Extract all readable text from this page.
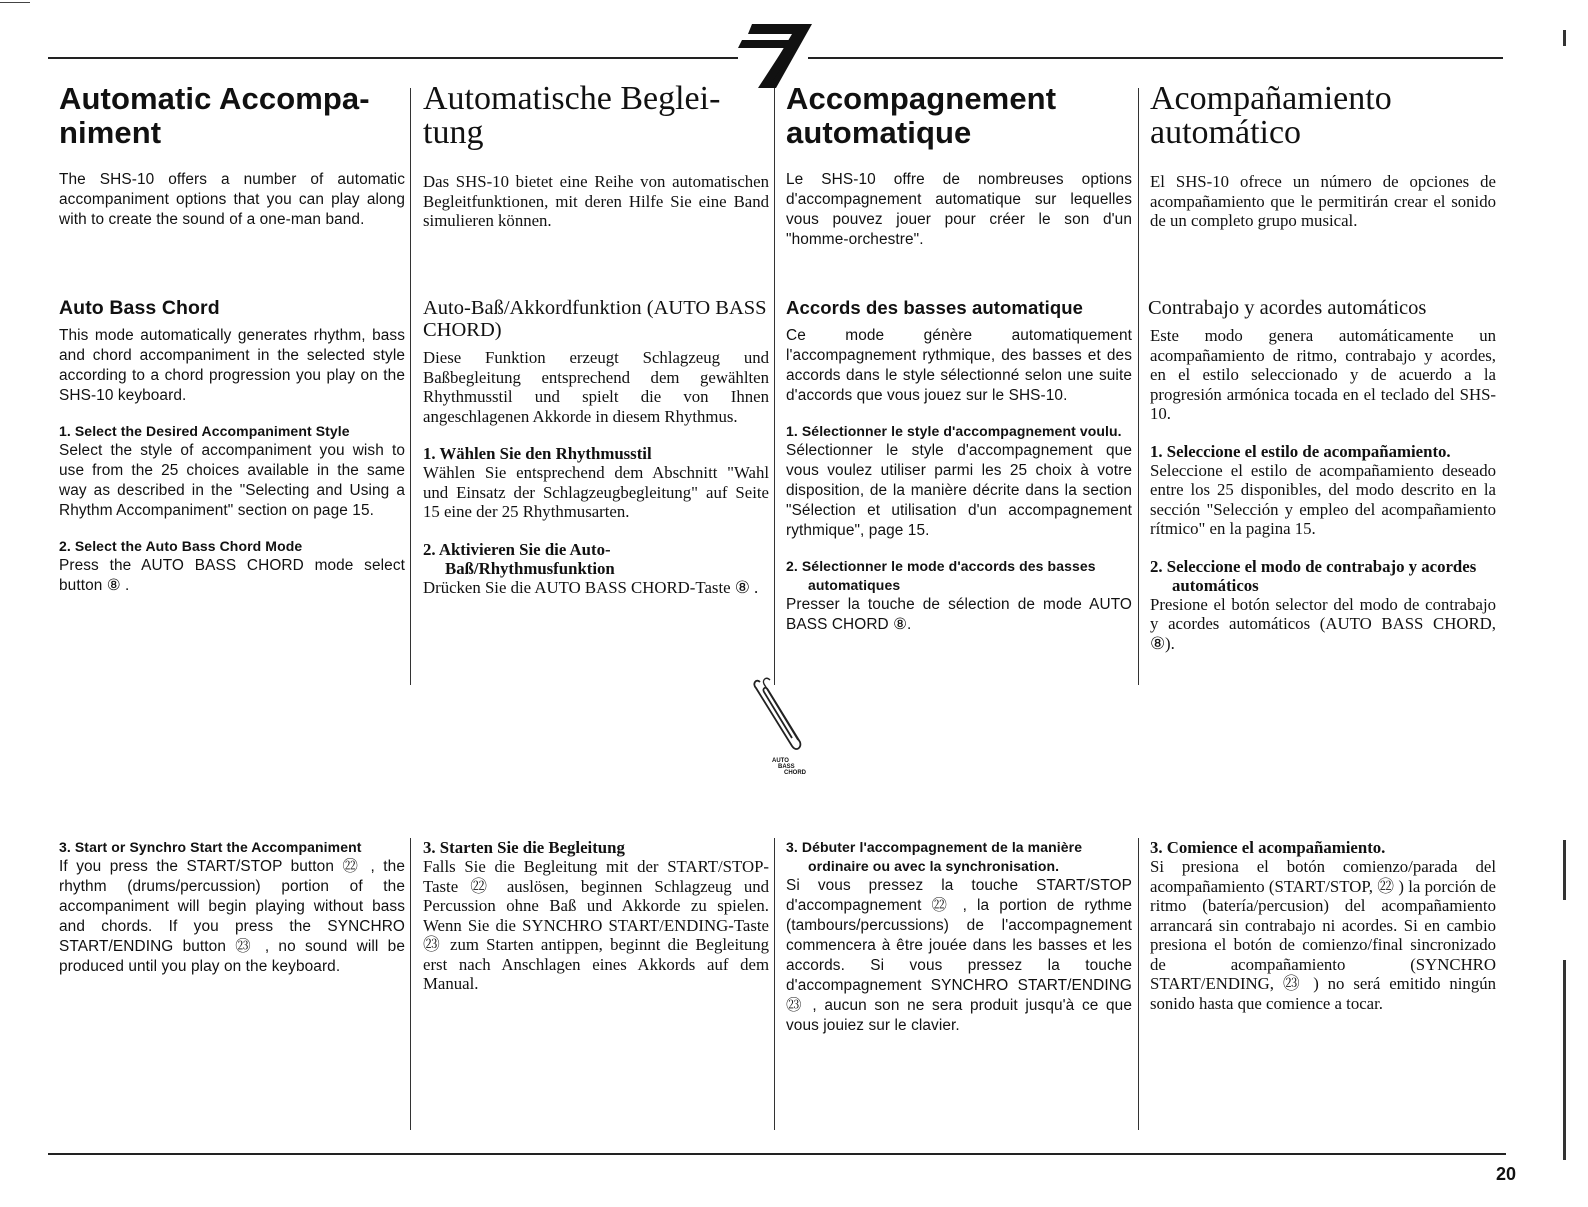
Automatic Accompa-niment

The SHS-10 offers a number of automatic accompaniment options that you can play along with to create the sound of a one-man band.

Auto Bass Chord

This mode automatically generates rhythm, bass and chord accompaniment in the selected style according to a chord progression you play on the SHS-10 keyboard.

1. Select the Desired Accompaniment Style

Select the style of accompaniment you wish to use from the 25 choices available in the same way as described in the "Selecting and Using a Rhythm Accompaniment" section on page 15.

2. Select the Auto Bass Chord Mode

Press the AUTO BASS CHORD mode select button ⑧ .

3. Start or Synchro Start the Accompaniment

If you press the START/STOP button ㉒ , the rhythm (drums/percussion) portion of the accompaniment will begin playing without bass and chords. If you press the SYNCHRO START/ENDING button ㉓ , no sound will be produced until you play on the keyboard.

Automatische Beglei-tung

Das SHS-10 bietet eine Reihe von automatischen Begleitfunktionen, mit deren Hilfe Sie eine Band simulieren können.

Auto-Baß/Akkordfunktion (AUTO BASS CHORD)

Diese Funktion erzeugt Schlagzeug und Baßbegleitung entsprechend dem gewählten Rhythmusstil und spielt die von Ihnen angeschlagenen Akkorde in diesem Rhythmus.

1. Wählen Sie den Rhythmusstil

Wählen Sie entsprechend dem Abschnitt "Wahl und Einsatz der Schlagzeugbegleitung" auf Seite 15 eine der 25 Rhythmusarten.

2. Aktivieren Sie die Auto-Baß/Rhythmusfunktion

Drücken Sie die AUTO BASS CHORD-Taste ⑧ .

3. Starten Sie die Begleitung

Falls Sie die Begleitung mit der START/STOP-Taste ㉒ auslösen, beginnen Schlagzeug und Percussion ohne Baß und Akkorde zu spielen. Wenn Sie die SYNCHRO START/ENDING-Taste ㉓ zum Starten antippen, beginnt die Begleitung erst nach Anschlagen eines Akkords auf dem Manual.

Accompagnement automatique

Le SHS-10 offre de nombreuses options d'accompagnement automatique sur lequelles vous pouvez jouer pour créer le son d'un "homme-orchestre".

Accords des basses automatique

Ce mode génère automatiquement l'accompagnement rythmique, des basses et des accords dans le style sélectionné selon une suite d'accords que vous jouez sur le SHS-10.

1. Sélectionner le style d'accompagnement voulu.

Sélectionner le style d'accompagnement que vous voulez utiliser parmi les 25 choix à votre disposition, de la manière décrite dans la section "Sélection et utilisation d'un accompagnement rythmique", page 15.

2. Sélectionner le mode d'accords des basses automatiques

Presser la touche de sélection de mode AUTO BASS CHORD ⑧.

3. Débuter l'accompagnement de la manière ordinaire ou avec la synchronisation.

Si vous pressez la touche START/STOP d'accompagnement ㉒ , la portion de rythme (tambours/percussions) de l'accompagnement commencera à être jouée dans les basses et les accords. Si vous pressez la touche d'accompagnement SYNCHRO START/ENDING ㉓ , aucun son ne sera produit jusqu'à ce que vous jouiez sur le clavier.

Acompañamiento automático

El SHS-10 ofrece un número de opciones de acompañamiento que le permitirán crear el sonido de un completo grupo musical.

Contrabajo y acordes automáticos

Este modo genera automáticamente un acompañamiento de ritmo, contrabajo y acordes, en el estilo seleccionado y de acuerdo a la progresión armónica tocada en el teclado del SHS-10.

1. Seleccione el estilo de acompañamiento.

Seleccione el estilo de acompañamiento deseado entre los 25 disponibles, del modo descrito en la sección "Selección y empleo del acompañamiento rítmico" en la pagina 15.

2. Seleccione el modo de contrabajo y acordes automáticos

Presione el botón selector del modo de contrabajo y acordes automáticos (AUTO BASS CHORD, ⑧).

3. Comience el acompañamiento.

Si presiona el botón comienzo/parada del acompañamiento (START/STOP, ㉒ ) la porción de ritmo (batería/percusion) del acompañamiento arrancará sin contrabajo ni acordes. Si en cambio presiona el botón de comienzo/final sincronizado de acompañamiento (SYNCHRO START/ENDING, ㉓ ) no será emitido ningún sonido hasta que comience a tocar.

AUTO
BASS
CHORD
20
